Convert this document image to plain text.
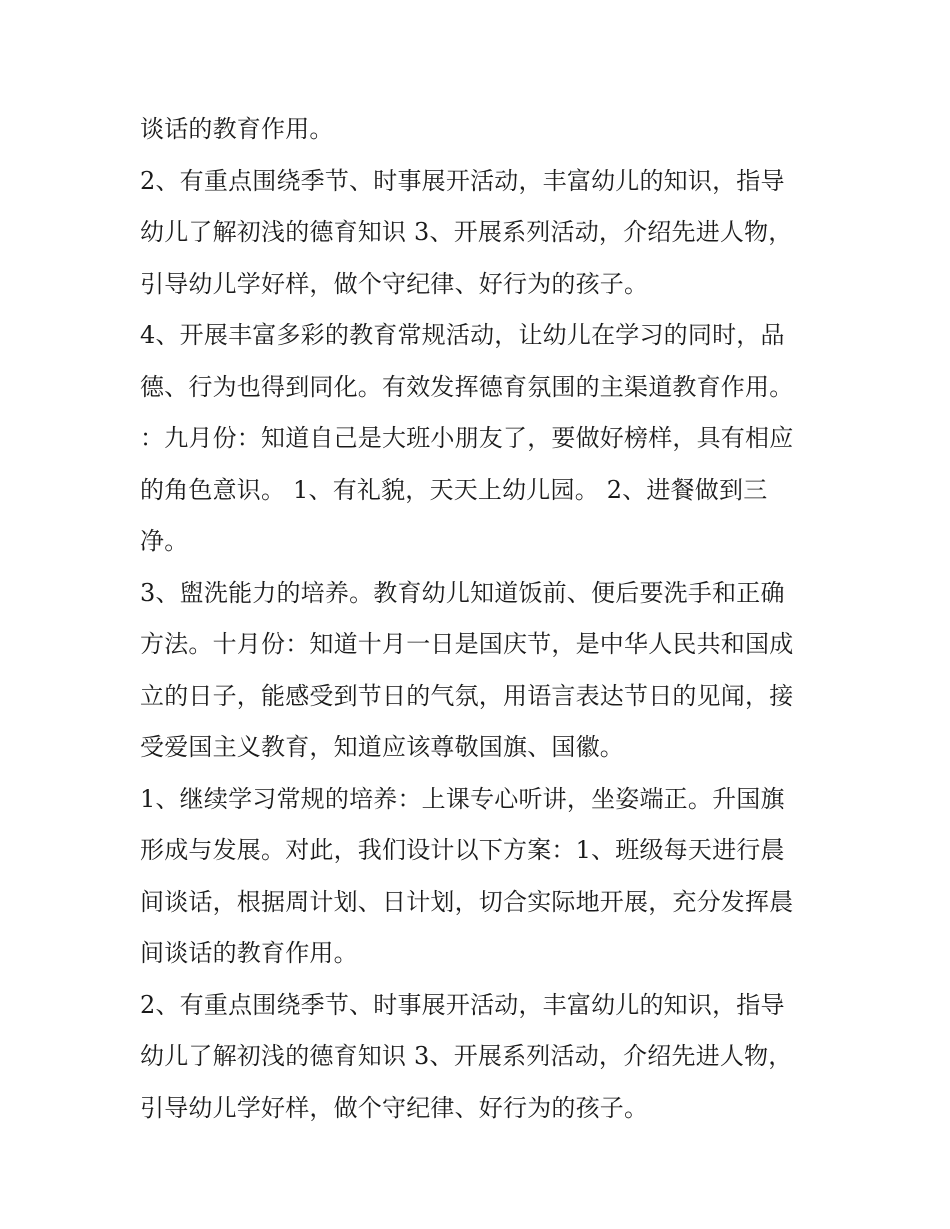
谈话的教育作用。
2、有重点围绕季节、时事展开活动，丰富幼儿的知识，指导
幼儿了解初浅的德育知识 3、开展系列活动，介绍先进人物，
引导幼儿学好样，做个守纪律、好行为的孩子。
4、开展丰富多彩的教育常规活动，让幼儿在学习的同时，品
德、行为也得到同化。有效发挥德育氛围的主渠道教育作用。
：九月份：知道自己是大班小朋友了，要做好榜样，具有相应
的角色意识。 1、有礼貌，天天上幼儿园。 2、进餐做到三
净。
3、盥洗能力的培养。教育幼儿知道饭前、便后要洗手和正确
方法。十月份：知道十月一日是国庆节，是中华人民共和国成
立的日子，能感受到节日的气氛，用语言表达节日的见闻，接
受爱国主义教育，知道应该尊敬国旗、国徽。
1、继续学习常规的培养：上课专心听讲，坐姿端正。升国旗
形成与发展。对此，我们设计以下方案：1、班级每天进行晨
间谈话，根据周计划、日计划，切合实际地开展，充分发挥晨
间谈话的教育作用。
2、有重点围绕季节、时事展开活动，丰富幼儿的知识，指导
幼儿了解初浅的德育知识 3、开展系列活动，介绍先进人物，
引导幼儿学好样，做个守纪律、好行为的孩子。
